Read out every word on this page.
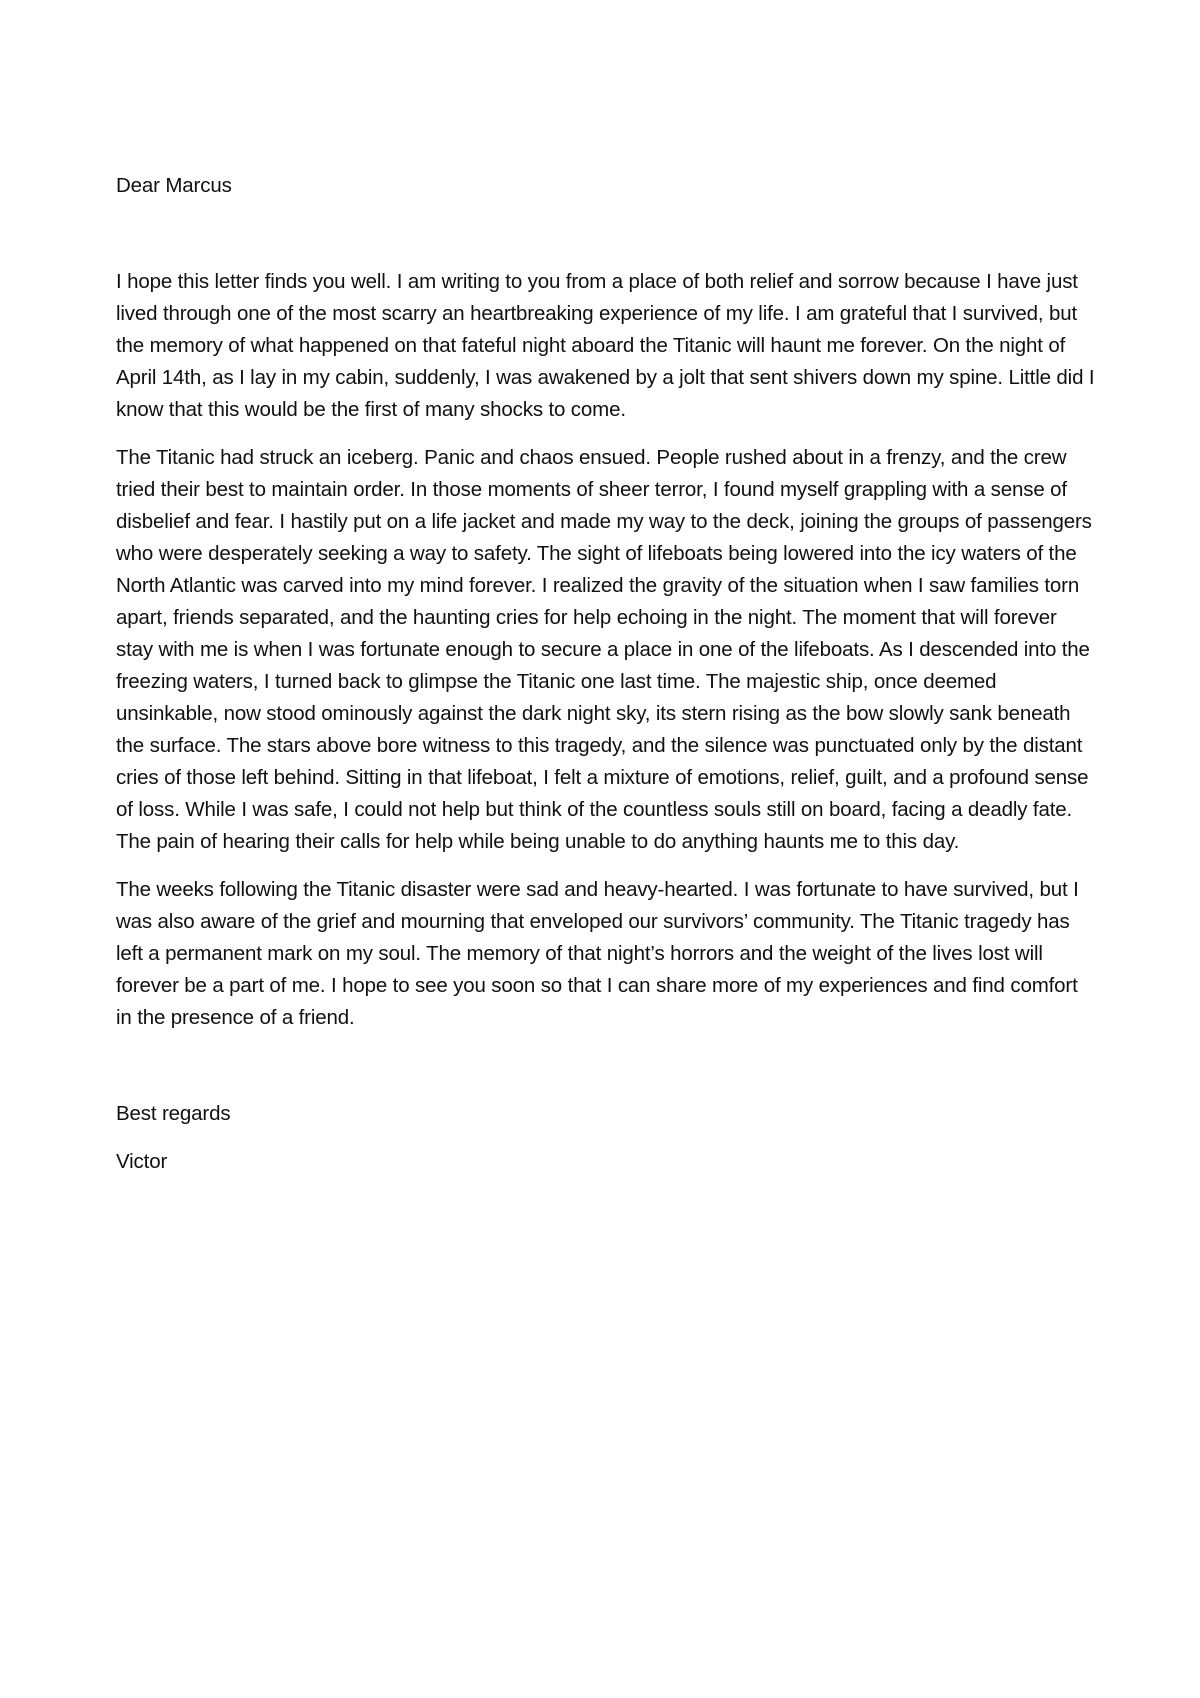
Dear Marcus

I hope this letter finds you well. I am writing to you from a place of both relief and sorrow because I have just lived through one of the most scarry an heartbreaking experience of my life. I am grateful that I survived, but the memory of what happened on that fateful night aboard the Titanic will haunt me forever. On the night of April 14th, as I lay in my cabin, suddenly, I was awakened by a jolt that sent shivers down my spine. Little did I know that this would be the first of many shocks to come.

The Titanic had struck an iceberg. Panic and chaos ensued. People rushed about in a frenzy, and the crew tried their best to maintain order. In those moments of sheer terror, I found myself grappling with a sense of disbelief and fear. I hastily put on a life jacket and made my way to the deck, joining the groups of passengers who were desperately seeking a way to safety. The sight of lifeboats being lowered into the icy waters of the North Atlantic was carved into my mind forever. I realized the gravity of the situation when I saw families torn apart, friends separated, and the haunting cries for help echoing in the night. The moment that will forever stay with me is when I was fortunate enough to secure a place in one of the lifeboats. As I descended into the freezing waters, I turned back to glimpse the Titanic one last time. The majestic ship, once deemed unsinkable, now stood ominously against the dark night sky, its stern rising as the bow slowly sank beneath the surface. The stars above bore witness to this tragedy, and the silence was punctuated only by the distant cries of those left behind. Sitting in that lifeboat, I felt a mixture of emotions, relief, guilt, and a profound sense of loss. While I was safe, I could not help but think of the countless souls still on board, facing a deadly fate. The pain of hearing their calls for help while being unable to do anything haunts me to this day.

The weeks following the Titanic disaster were sad and heavy-hearted. I was fortunate to have survived, but I was also aware of the grief and mourning that enveloped our survivors’ community. The Titanic tragedy has left a permanent mark on my soul. The memory of that night’s horrors and the weight of the lives lost will forever be a part of me. I hope to see you soon so that I can share more of my experiences and find comfort in the presence of a friend.

Best regards

Victor
